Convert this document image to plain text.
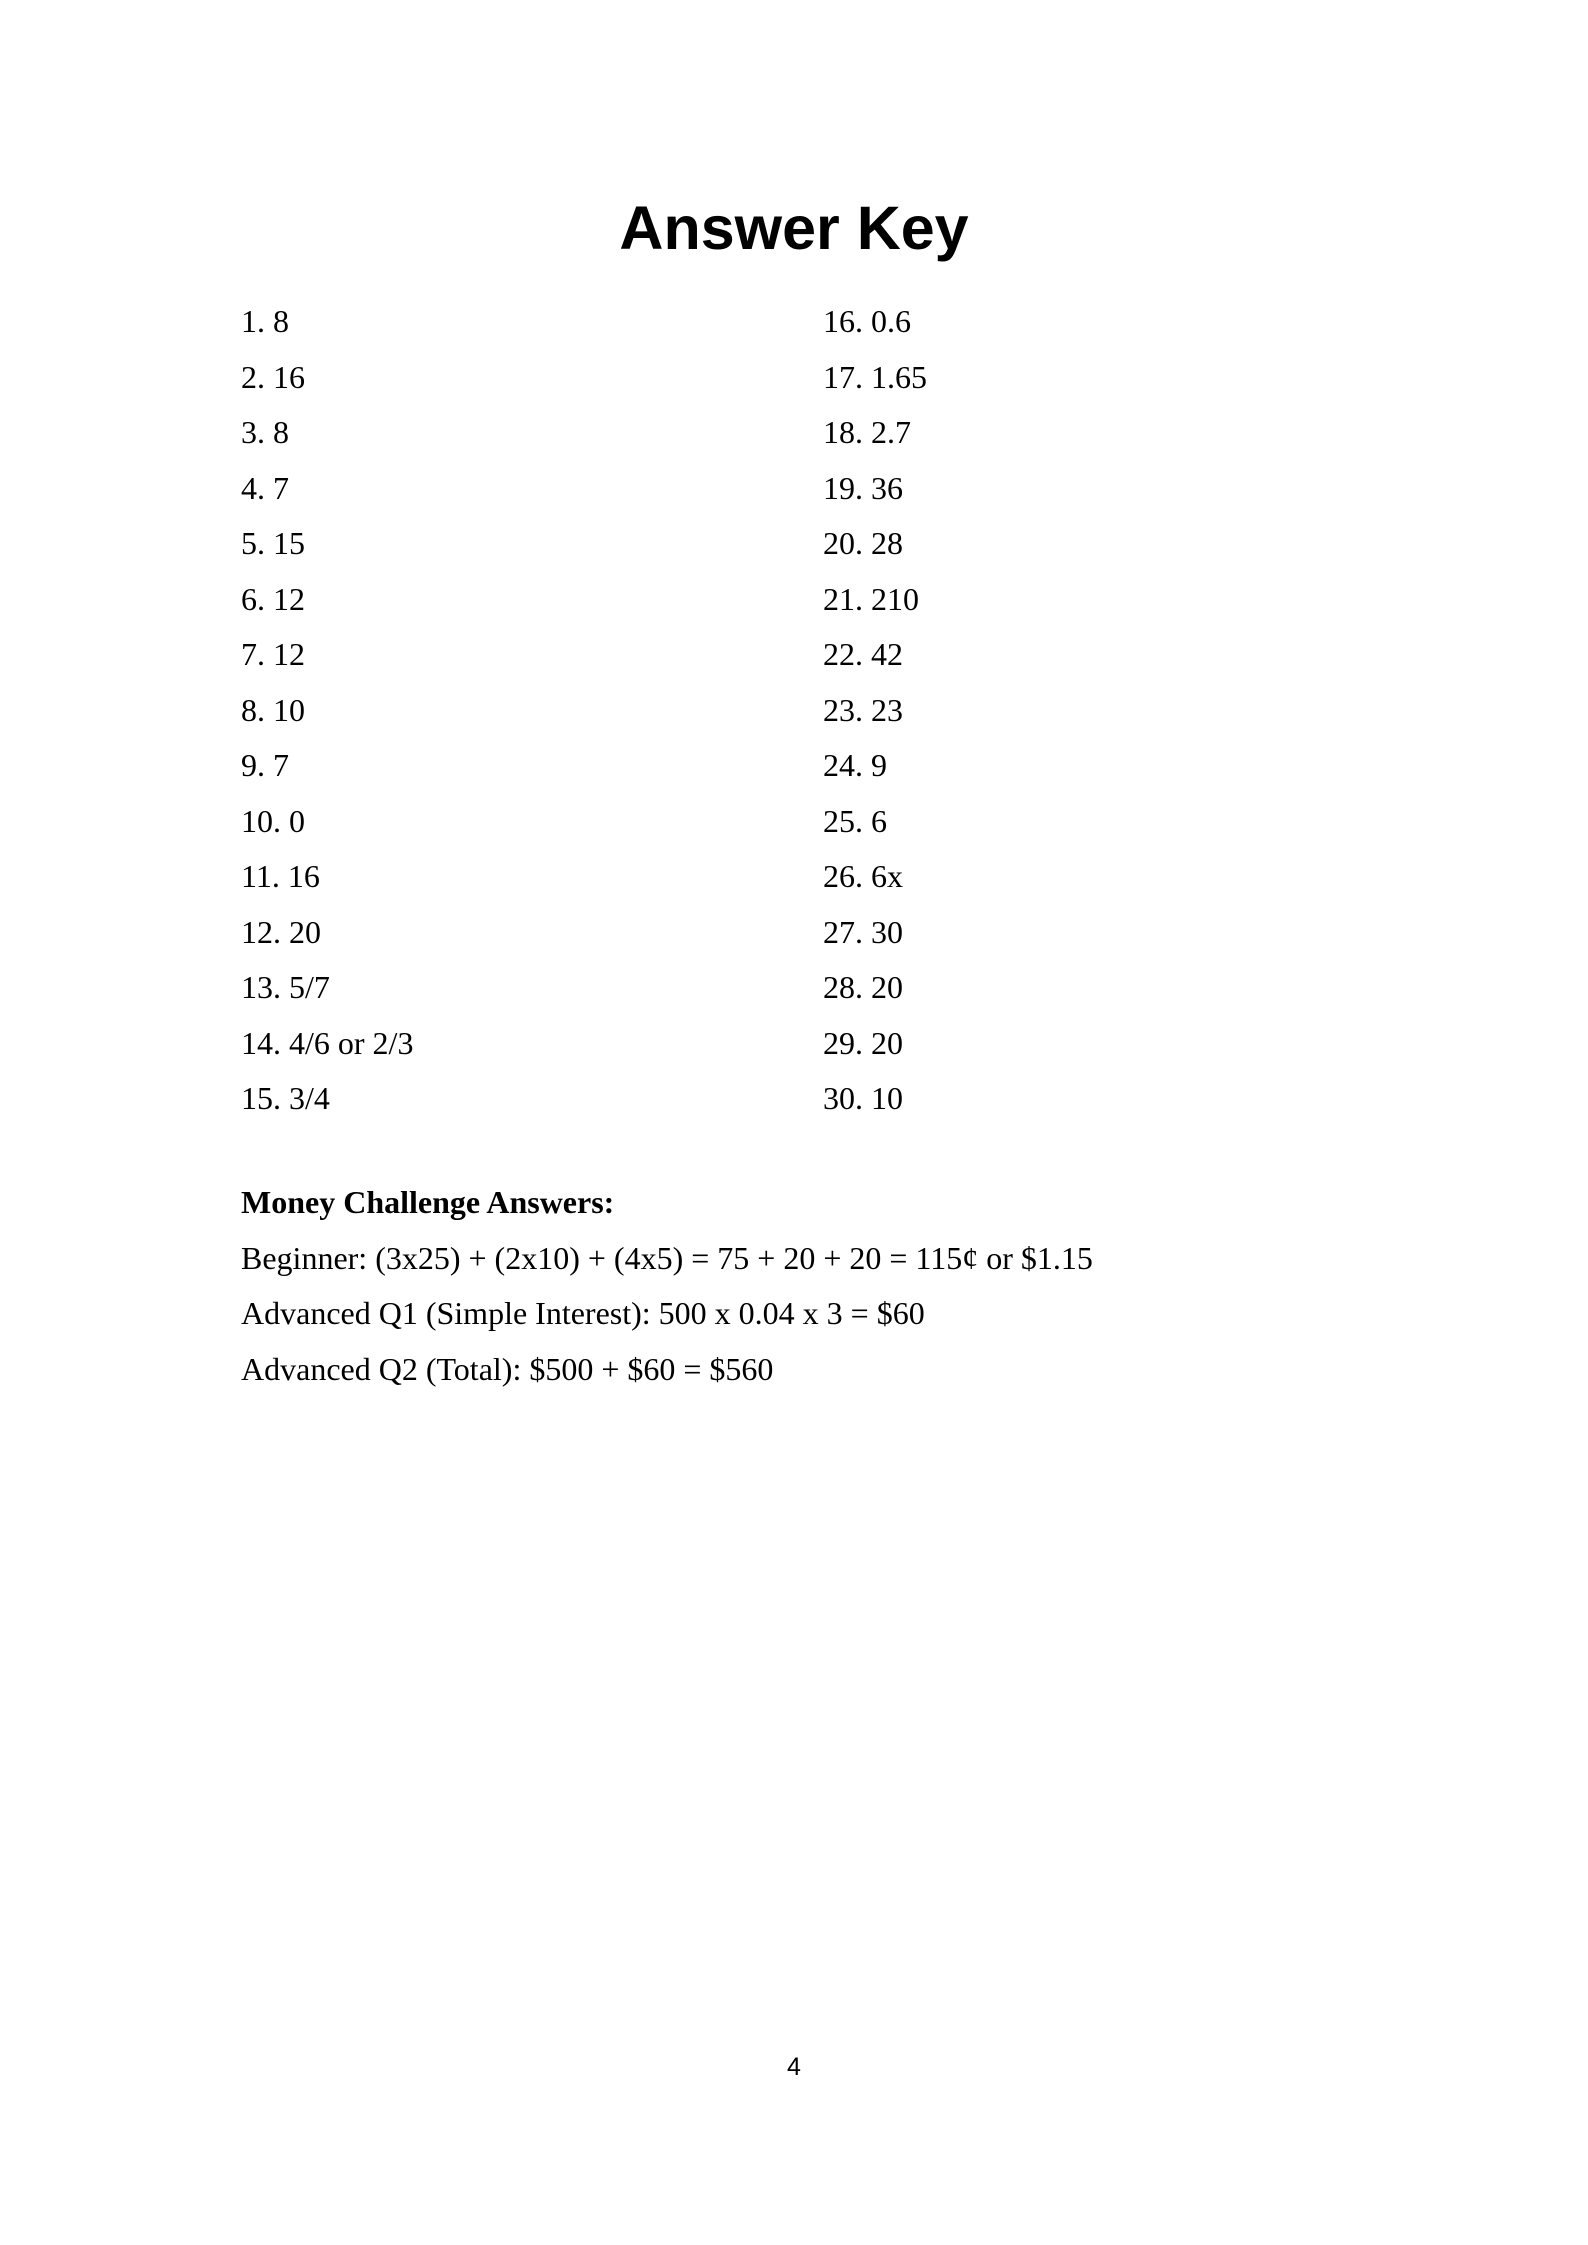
Answer Key
1. 8
2. 16
3. 8
4. 7
5. 15
6. 12
7. 12
8. 10
9. 7
10. 0
11. 16
12. 20
13. 5/7
14. 4/6 or 2/3
15. 3/4
16. 0.6
17. 1.65
18. 2.7
19. 36
20. 28
21. 210
22. 42
23. 23
24. 9
25. 6
26. 6x
27. 30
28. 20
29. 20
30. 10

Money Challenge Answers:

Beginner: (3x25) + (2x10) + (4x5) = 75 + 20 + 20 = 115¢ or $1.15

Advanced Q1 (Simple Interest): 500 x 0.04 x 3 = $60

Advanced Q2 (Total): $500 + $60 = $560

4
